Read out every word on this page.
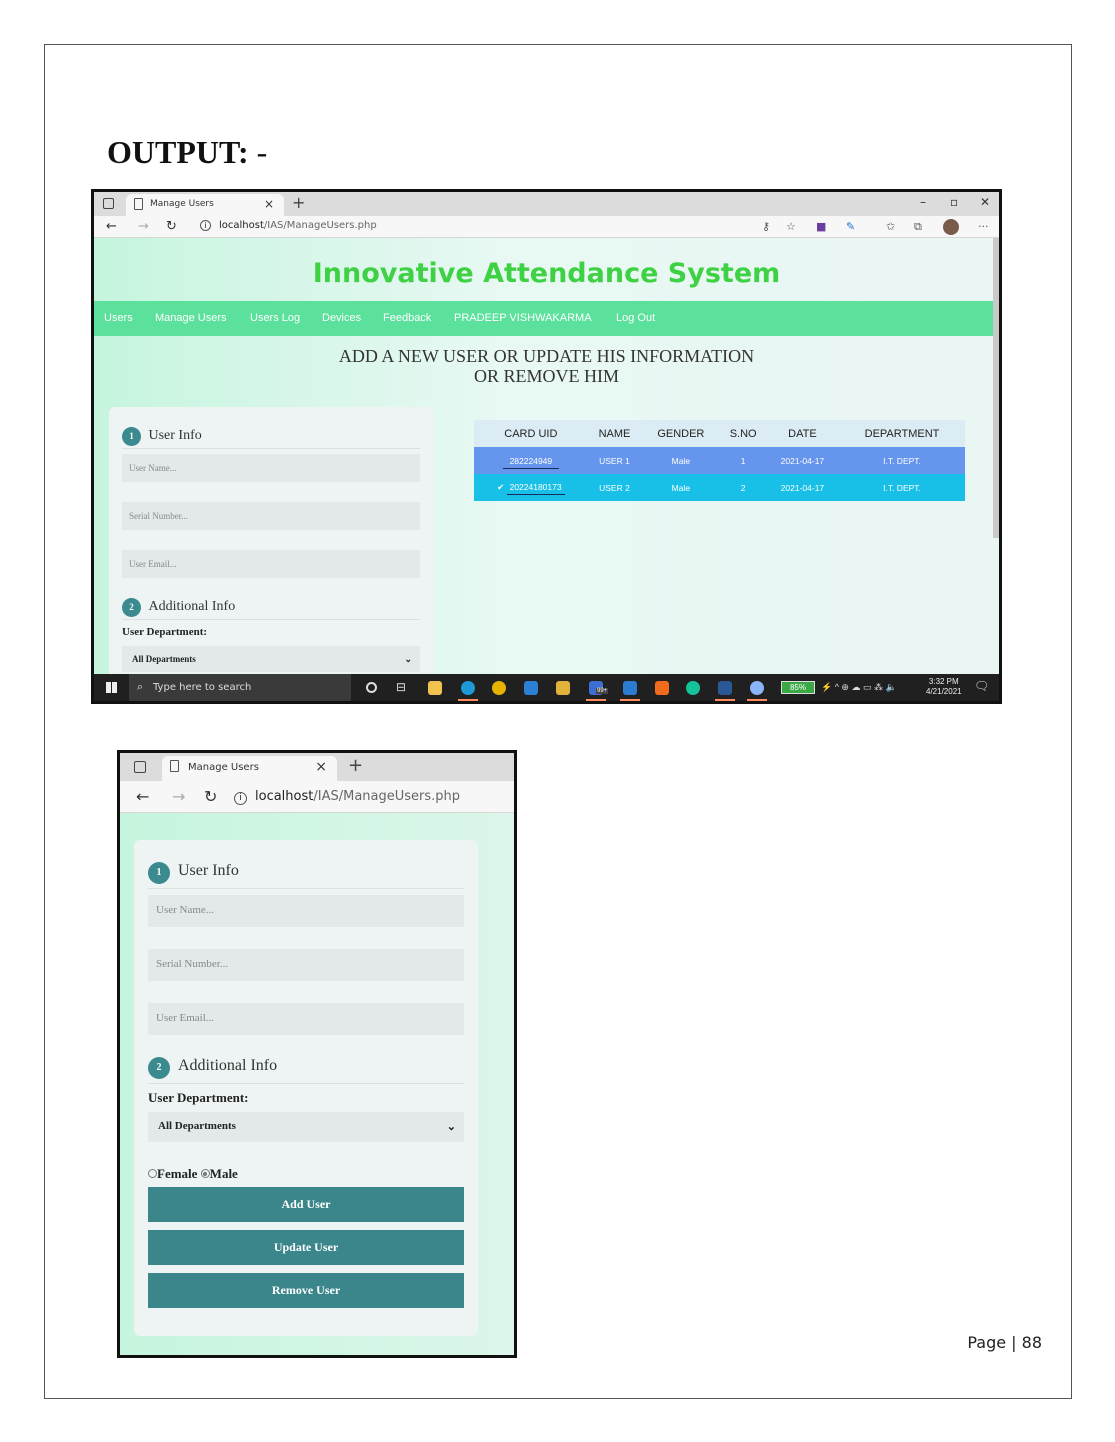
OUTPUT: -
Manage Users	× +	– ▫ ✕
← → ↻	i localhost/IAS/ManageUsers.php	⚷ ☆ ■ ✎	✩ ⧉	···
Innovative Attendance System
Users Manage Users Users Log Devices Feedback PRADEEP VISHWAKARMA Log Out
ADD A NEW USER OR UPDATE HIS INFORMATION
OR REMOVE HIM
1 User Info
User Name...
Serial Number...
User Email...
2 Additional Info
User Department:
All Departments	⌄
CARD UID	NAME	GENDER	S.NO	DATE	DEPARTMENT
282224949	USER 1	Male	1	2021-04-17	I.T. DEPT.
✔ 20224180173	USER 2	Male	2	2021-04-17	I.T. DEPT.
⌕ Type here to search	⊟	99+	85%	⚡ ^ ⊕ ☁ ▭ ⁂ 🔈
3:32 PM
4/21/2021 🗨
Manage Users	× +
← → ↻	i localhost/IAS/ManageUsers.php
1 User Info
User Name...
Serial Number...
User Email...
2 Additional Info
User Department:
All Departments	⌄
Female Male
Add User
Update User
Remove User
Page | 88
